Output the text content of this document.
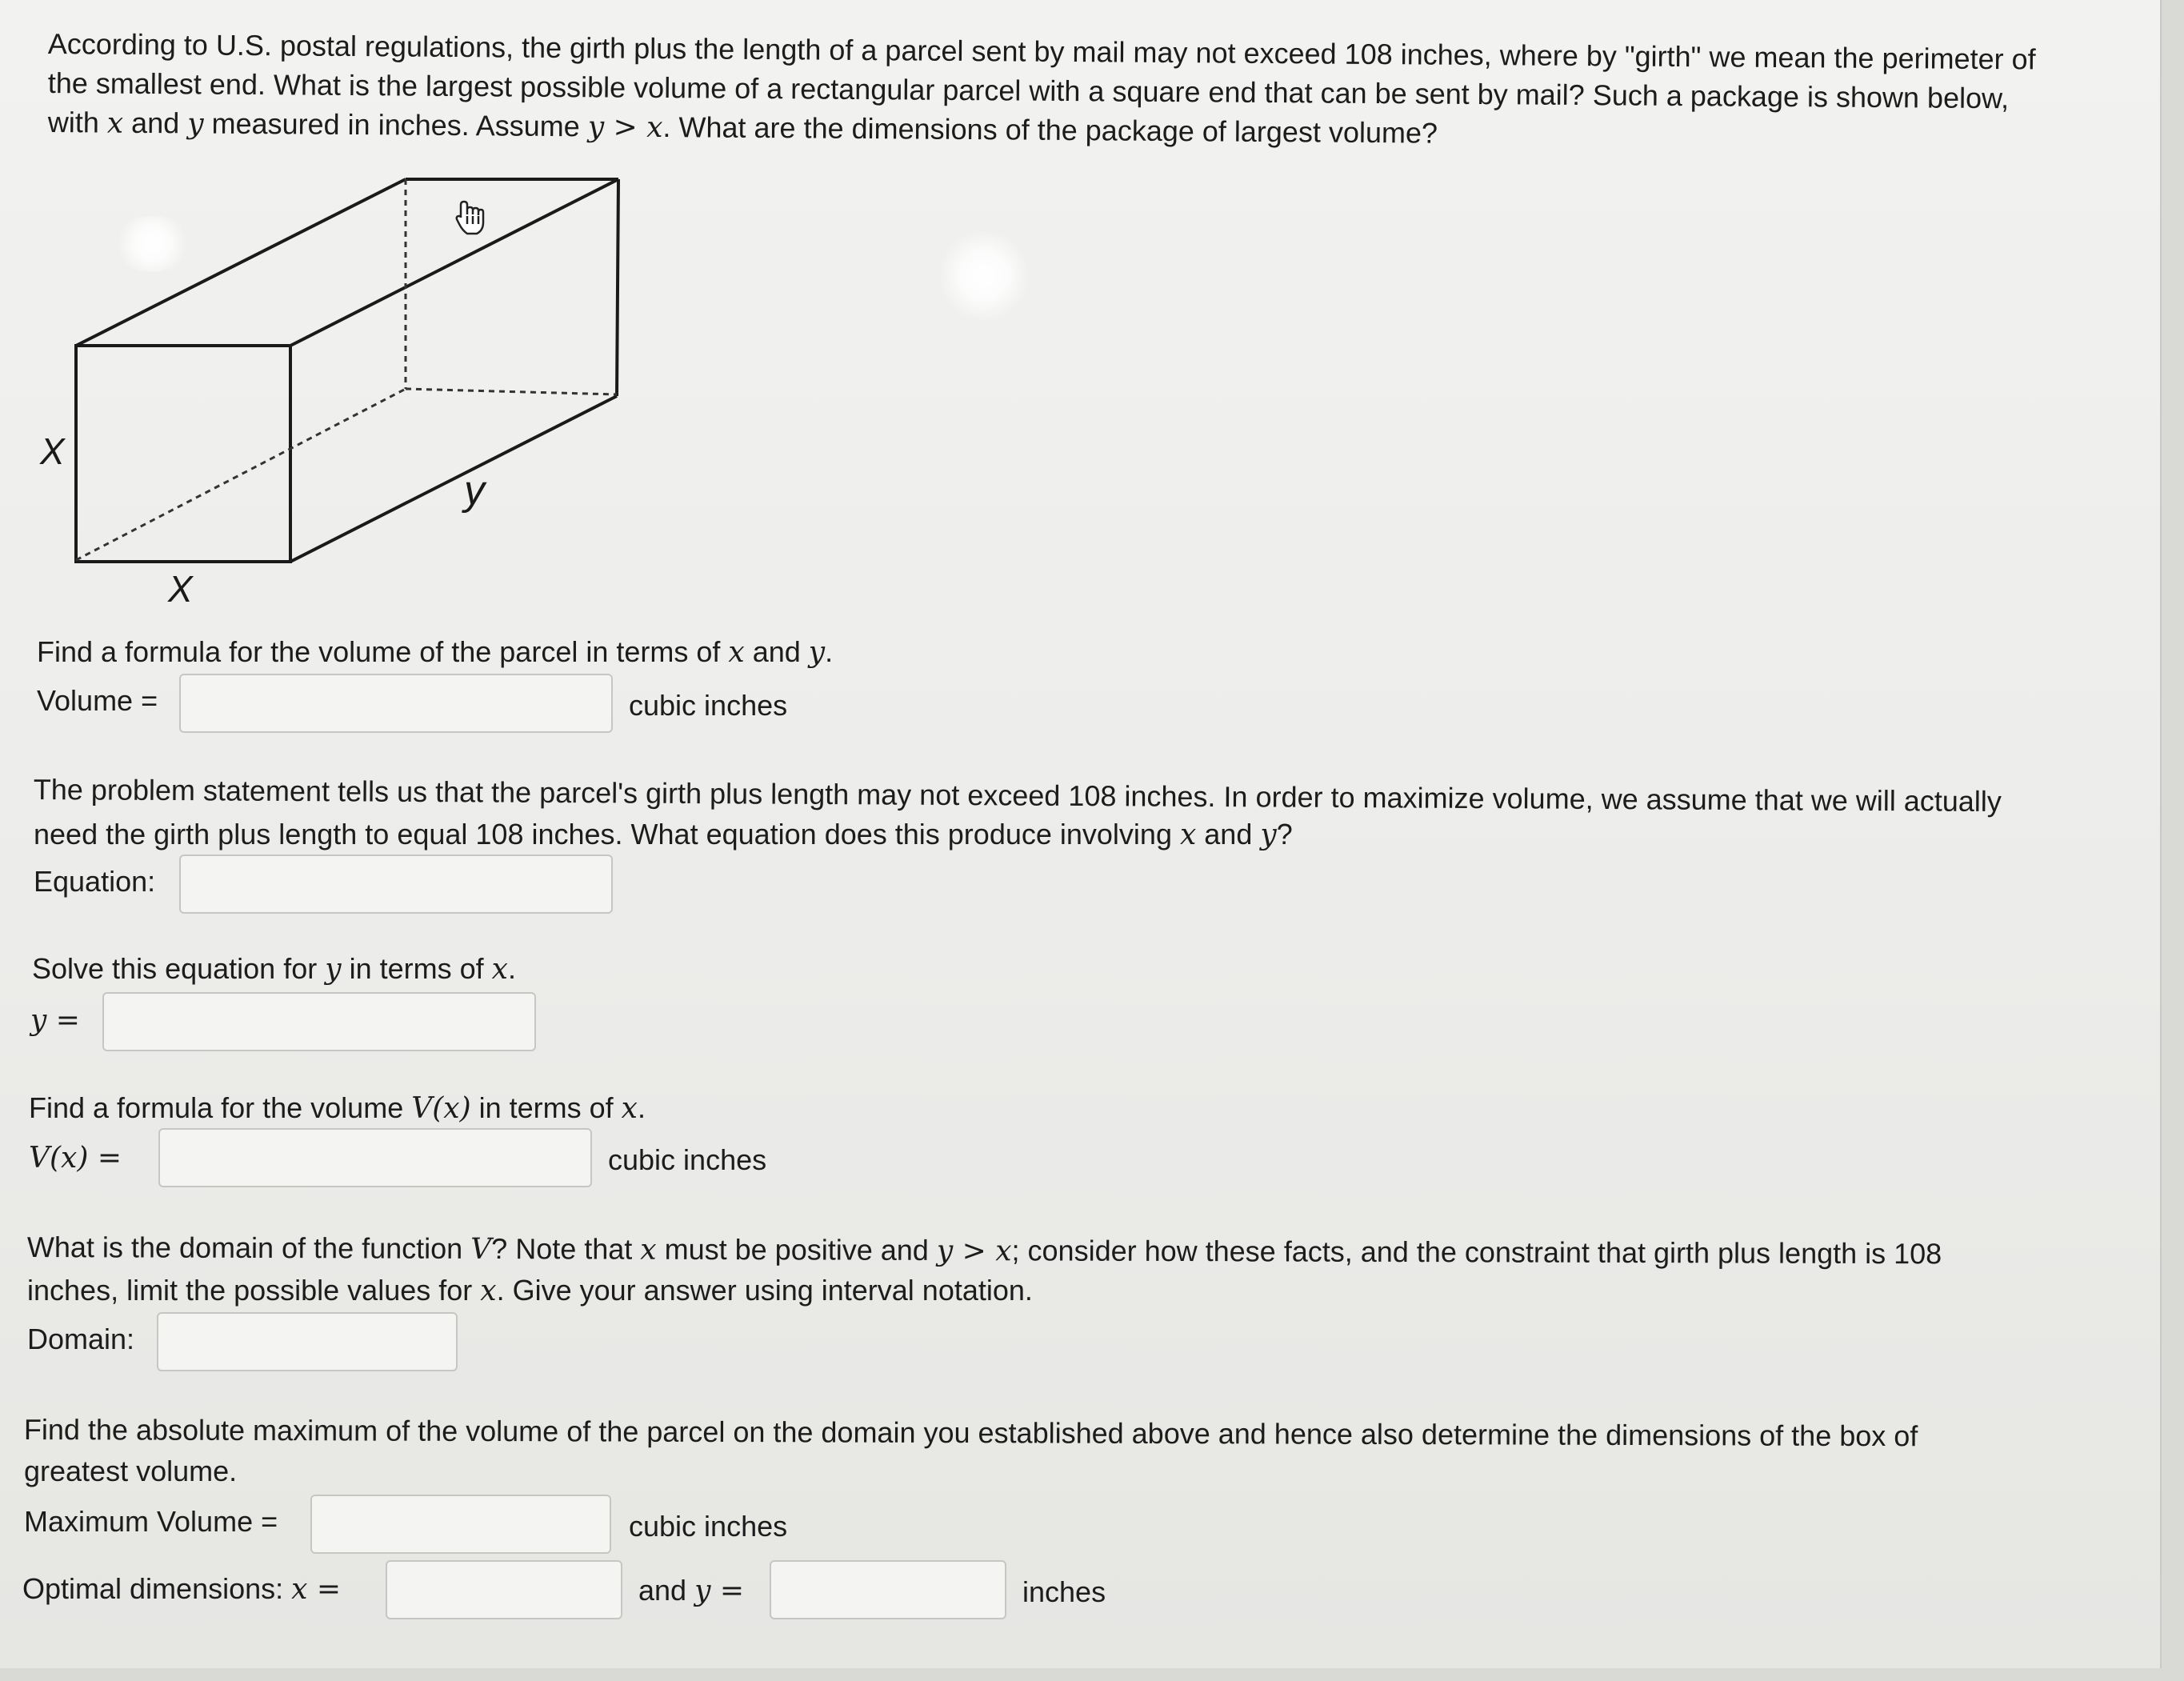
According to U.S. postal regulations, the girth plus the length of a parcel sent by mail may not exceed 108 inches, where by "girth" we mean the perimeter of

the smallest end. What is the largest possible volume of a rectangular parcel with a square end that can be sent by mail? Such a package is shown below,

with x and y measured in inches. Assume y > x. What are the dimensions of the package of largest volume?

X
X
y

Find a formula for the volume of the parcel in terms of x and y.

Volume =	cubic inches

The problem statement tells us that the parcel's girth plus length may not exceed 108 inches. In order to maximize volume, we assume that we will actually

need the girth plus length to equal 108 inches. What equation does this produce involving x and y?

Equation:

Solve this equation for y in terms of x.

y =

Find a formula for the volume V(x) in terms of x.

V(x) =	cubic inches

What is the domain of the function V? Note that x must be positive and y > x; consider how these facts, and the constraint that girth plus length is 108

inches, limit the possible values for x. Give your answer using interval notation.

Domain:

Find the absolute maximum of the volume of the parcel on the domain you established above and hence also determine the dimensions of the box of

greatest volume.

Maximum Volume =	cubic inches
Optimal dimensions: x =	and y =	inches
